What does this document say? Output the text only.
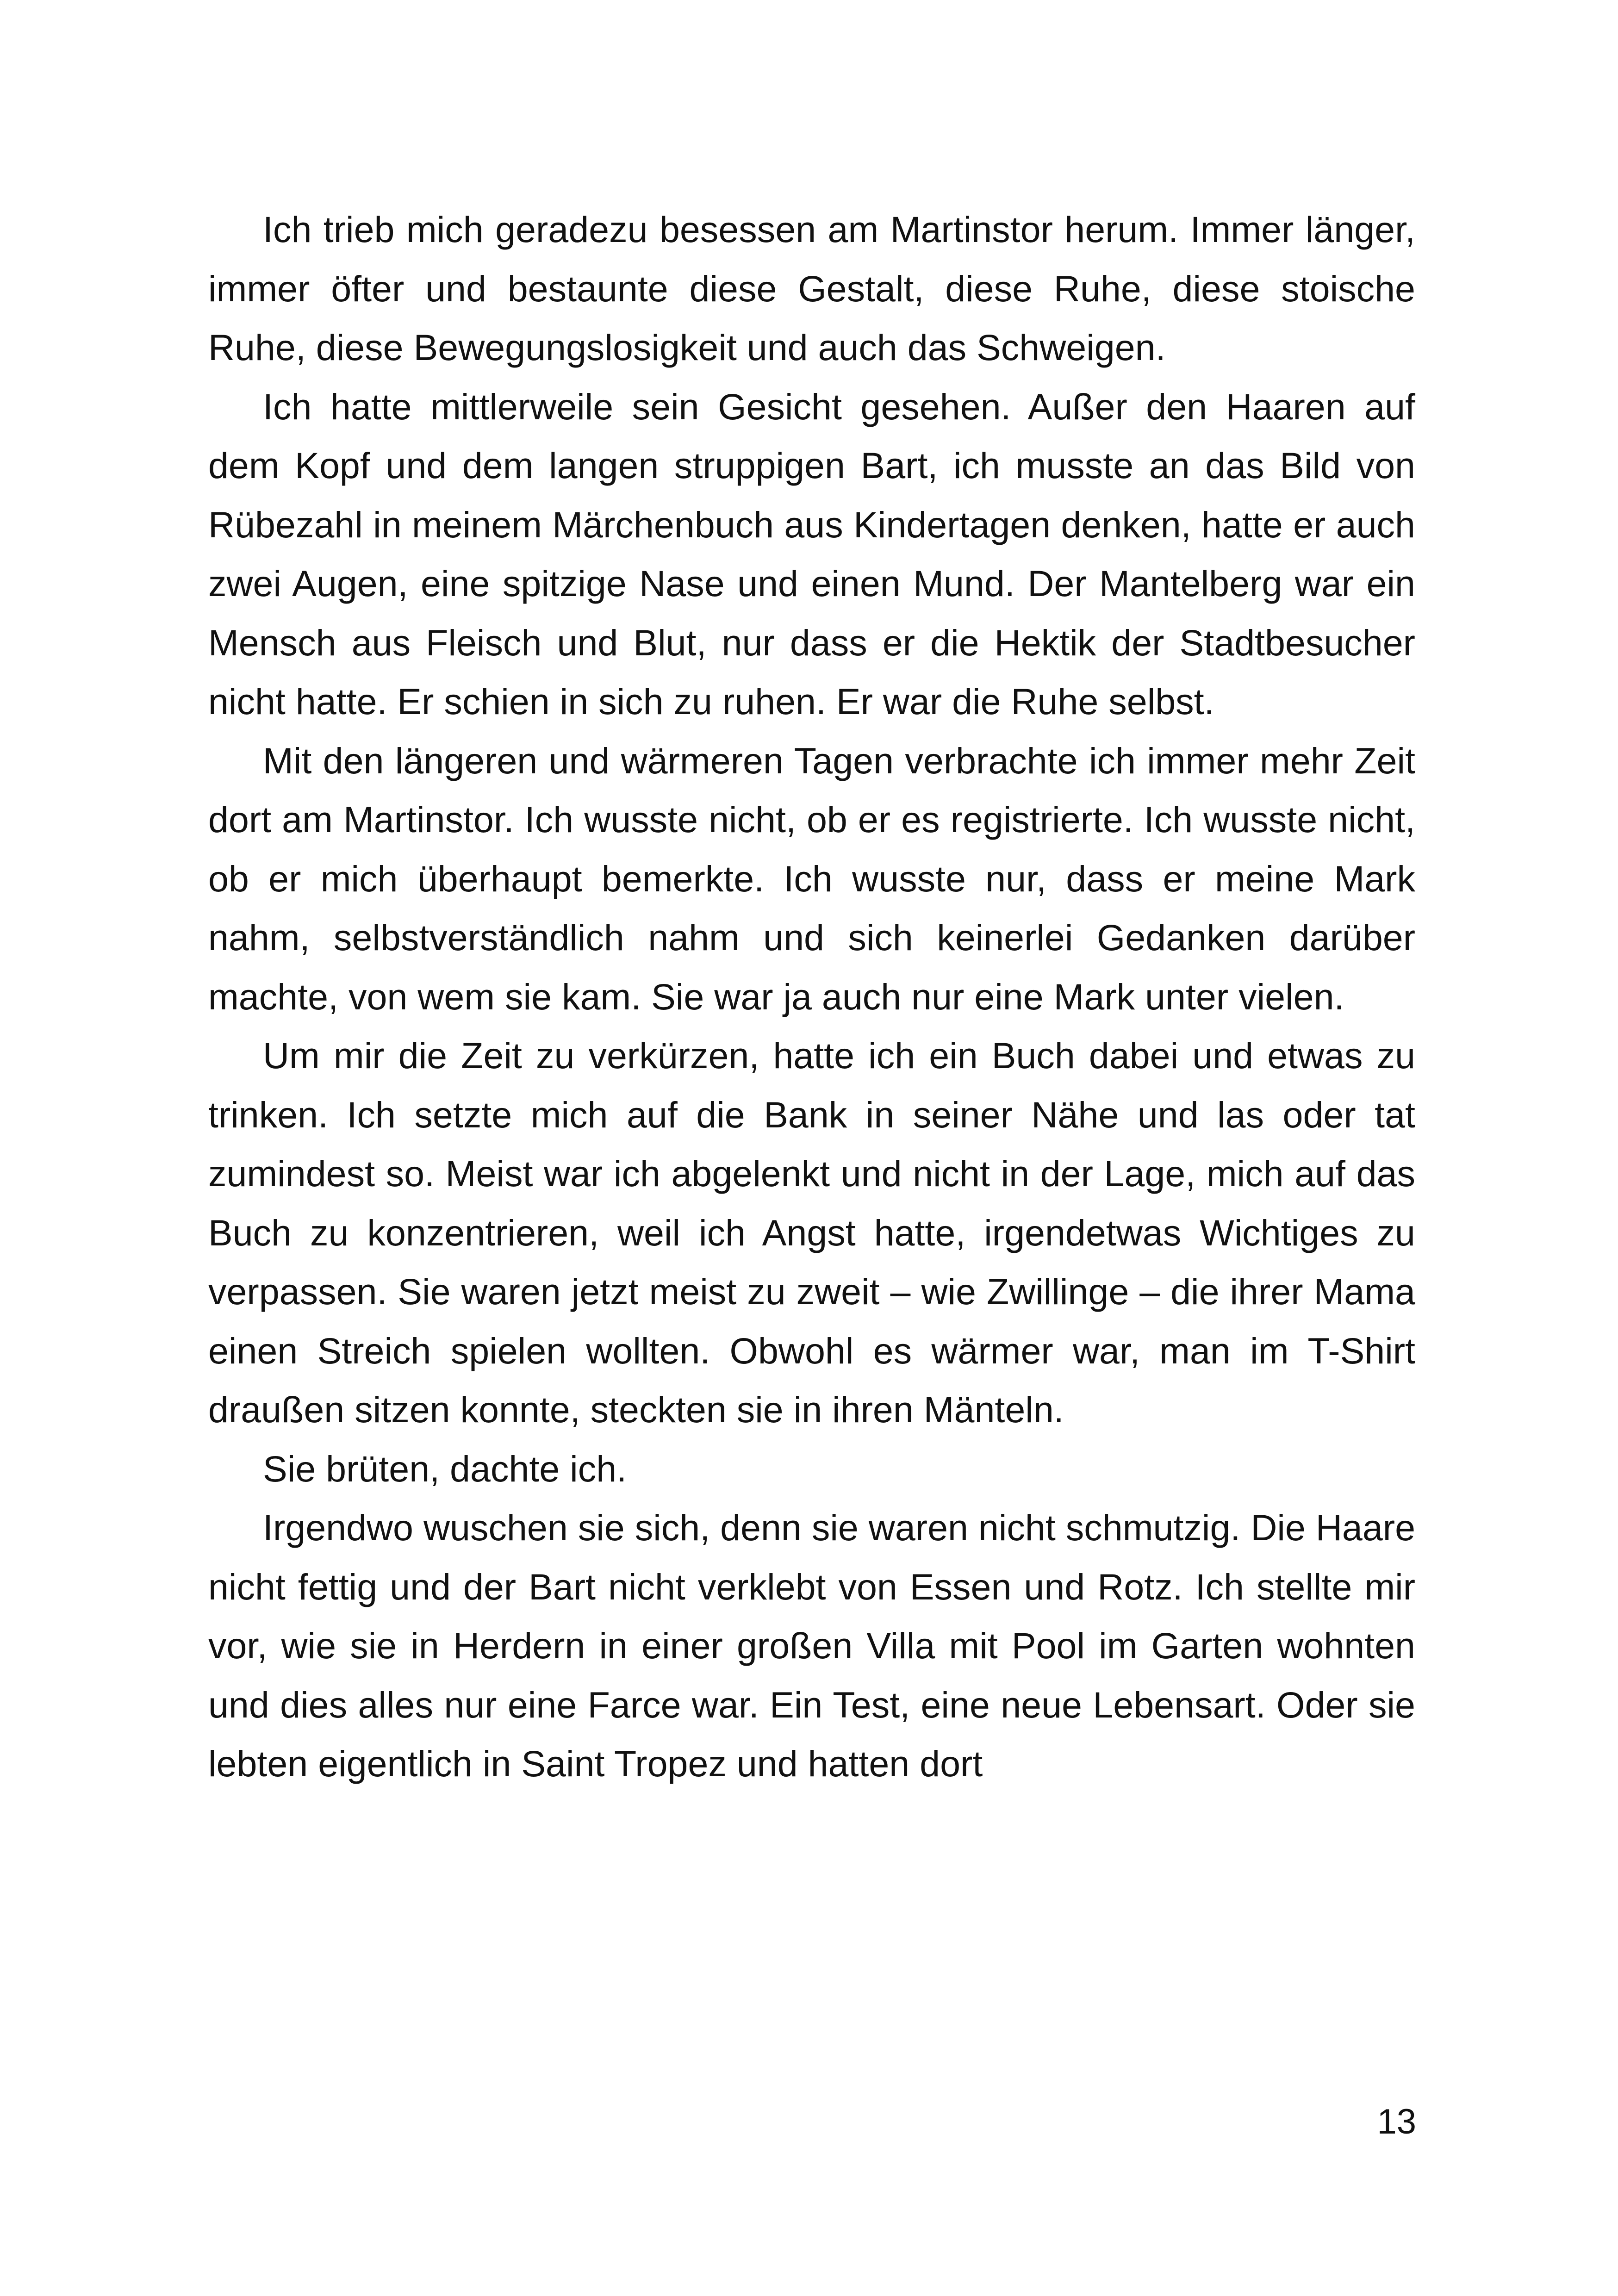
Ich trieb mich geradezu besessen am Martinstor herum. Immer länger, immer öfter und bestaunte diese Gestalt, diese Ruhe, diese stoische Ruhe, diese Bewegungslosigkeit und auch das Schweigen.

Ich hatte mittlerweile sein Gesicht gesehen. Außer den Haaren auf dem Kopf und dem langen struppigen Bart, ich musste an das Bild von Rübezahl in meinem Märchenbuch aus Kindertagen denken, hatte er auch zwei Augen, eine spitzige Nase und einen Mund. Der Mantelberg war ein Mensch aus Fleisch und Blut, nur dass er die Hektik der Stadtbesucher nicht hatte. Er schien in sich zu ruhen. Er war die Ruhe selbst.

Mit den längeren und wärmeren Tagen verbrachte ich immer mehr Zeit dort am Martinstor. Ich wusste nicht, ob er es registrierte. Ich wusste nicht, ob er mich überhaupt bemerkte. Ich wusste nur, dass er meine Mark nahm, selbstverständlich nahm und sich keinerlei Gedanken darüber machte, von wem sie kam. Sie war ja auch nur eine Mark unter vielen.

Um mir die Zeit zu verkürzen, hatte ich ein Buch dabei und etwas zu trinken. Ich setzte mich auf die Bank in seiner Nähe und las oder tat zumindest so. Meist war ich abgelenkt und nicht in der Lage, mich auf das Buch zu konzentrieren, weil ich Angst hatte, irgendetwas Wichtiges zu verpassen. Sie waren jetzt meist zu zweit – wie Zwillinge – die ihrer Mama einen Streich spielen wollten. Obwohl es wärmer war, man im T-Shirt draußen sitzen konnte, steckten sie in ihren Mänteln.

Sie brüten, dachte ich.

Irgendwo wuschen sie sich, denn sie waren nicht schmutzig. Die Haare nicht fettig und der Bart nicht verklebt von Essen und Rotz. Ich stellte mir vor, wie sie in Herdern in einer großen Villa mit Pool im Garten wohnten und dies alles nur eine Farce war. Ein Test, eine neue Lebensart. Oder sie lebten eigentlich in Saint Tropez und hatten dort

13
